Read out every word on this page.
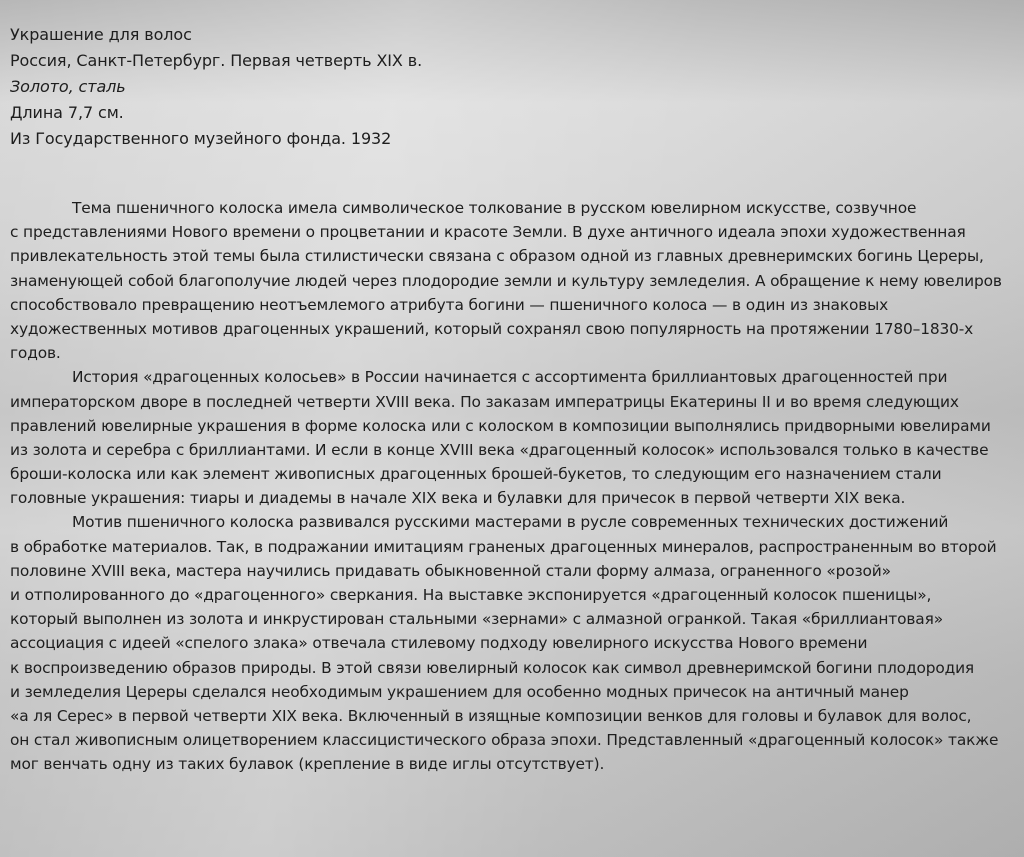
Украшение для волос
Россия, Санкт-Петербург. Первая четверть XIX в.
Золото, сталь
Длина 7,7 см.
Из Государственного музейного фонда. 1932
Тема пшеничного колоска имела символическое толкование в русском ювелирном искусстве, созвучное
с представлениями Нового времени о процветании и красоте Земли. В духе античного идеала эпохи художественная
привлекательность этой темы была стилистически связана с образом одной из главных древнеримских богинь Цереры,
знаменующей собой благополучие людей через плодородие земли и культуру земледелия. А обращение к нему ювелиров
способствовало превращению неотъемлемого атрибута богини — пшеничного колоса — в один из знаковых
художественных мотивов драгоценных украшений, который сохранял свою популярность на протяжении 1780–1830-х
годов.
История «драгоценных колосьев» в России начинается с ассортимента бриллиантовых драгоценностей при
императорском дворе в последней четверти XVIII века. По заказам императрицы Екатерины II и во время следующих
правлений ювелирные украшения в форме колоска или с колоском в композиции выполнялись придворными ювелирами
из золота и серебра с бриллиантами. И если в конце XVIII века «драгоценный колосок» использовался только в качестве
броши-колоска или как элемент живописных драгоценных брошей-букетов, то следующим его назначением стали
головные украшения: тиары и диадемы в начале XIX века и булавки для причесок в первой четверти XIX века.
Мотив пшеничного колоска развивался русскими мастерами в русле современных технических достижений
в обработке материалов. Так, в подражании имитациям граненых драгоценных минералов, распространенным во второй
половине XVIII века, мастера научились придавать обыкновенной стали форму алмаза, ограненного «розой»
и отполированного до «драгоценного» сверкания. На выставке экспонируется «драгоценный колосок пшеницы»,
который выполнен из золота и инкрустирован стальными «зернами» с алмазной огранкой. Такая «бриллиантовая»
ассоциация с идеей «спелого злака» отвечала стилевому подходу ювелирного искусства Нового времени
к воспроизведению образов природы. В этой связи ювелирный колосок как символ древнеримской богини плодородия
и земледелия Цереры сделался необходимым украшением для особенно модных причесок на античный манер
«а ля Серес» в первой четверти XIX века. Включенный в изящные композиции венков для головы и булавок для волос,
он стал живописным олицетворением классицистического образа эпохи. Представленный «драгоценный колосок» также
мог венчать одну из таких булавок (крепление в виде иглы отсутствует).
